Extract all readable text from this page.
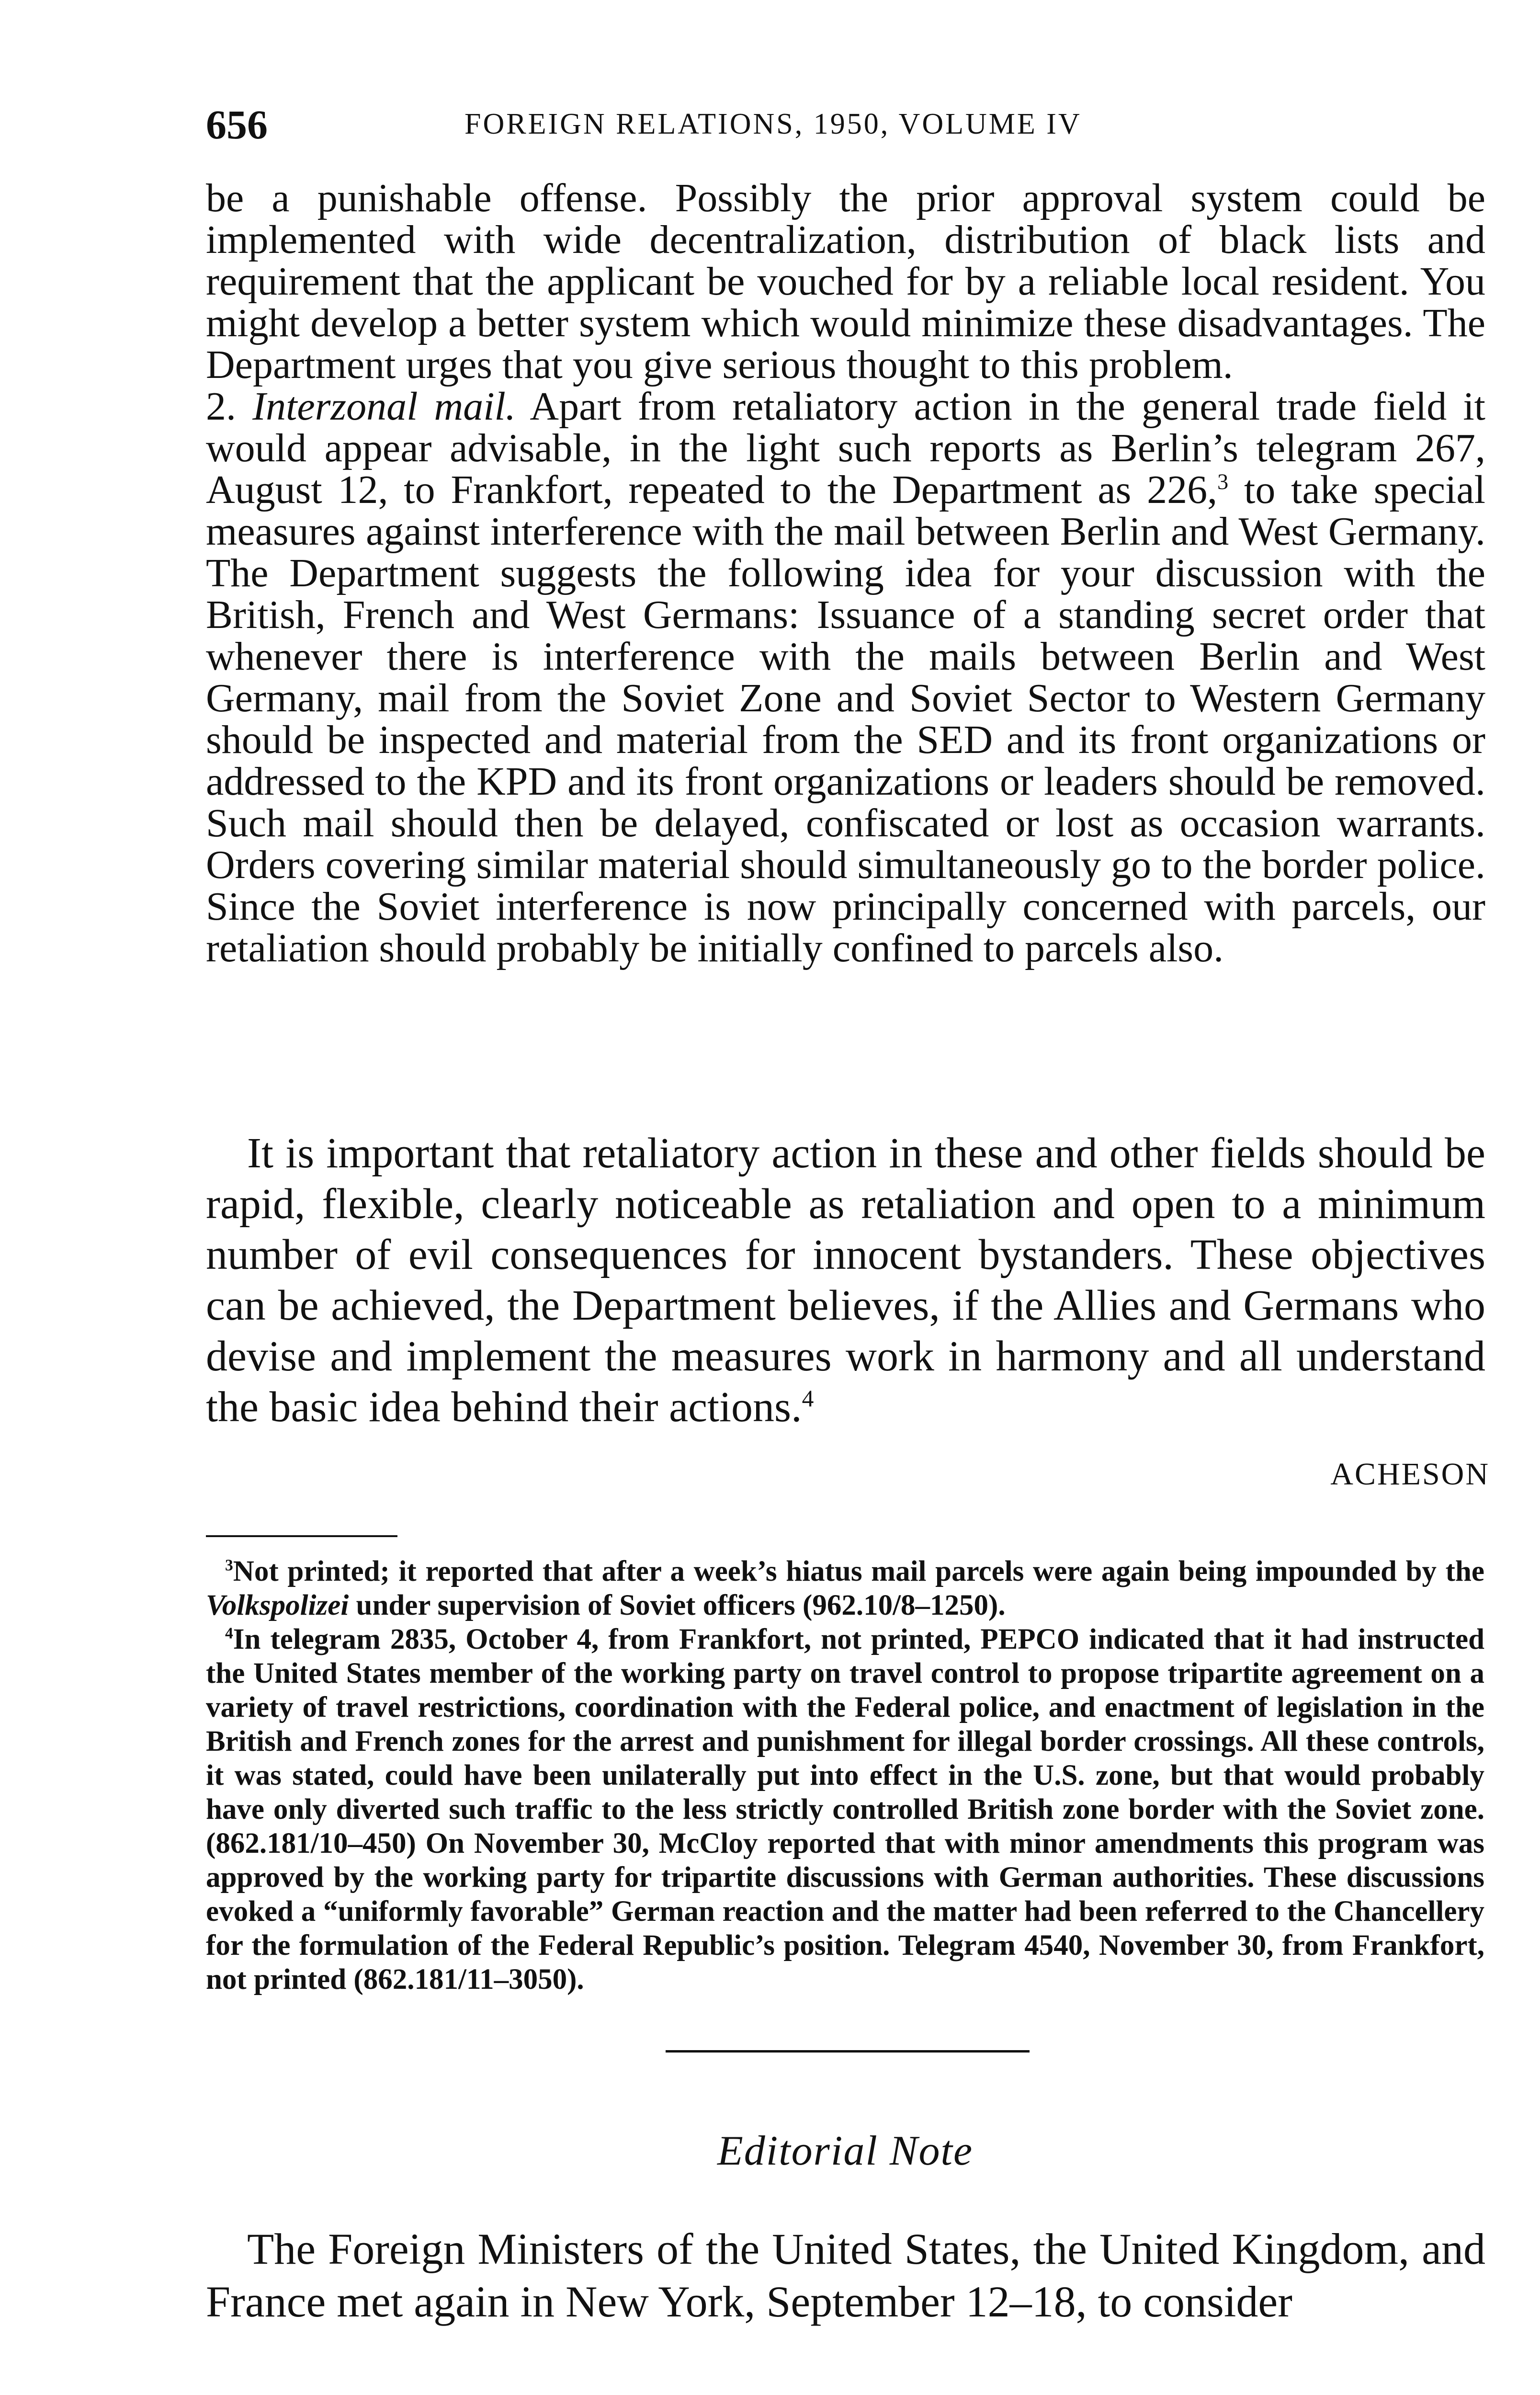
656	FOREIGN RELATIONS, 1950, VOLUME IV

be a punishable offense. Possibly the prior approval system could be implemented with wide decentralization, distribution of black lists and requirement that the applicant be vouched for by a reliable local resident. You might develop a better system which would minimize these disadvantages. The Department urges that you give serious thought to this problem.

2. Interzonal mail. Apart from retaliatory action in the general trade field it would appear advisable, in the light such reports as Berlin’s telegram 267, August 12, to Frankfort, repeated to the Department as 226,$^3$ to take special measures against interference with the mail between Berlin and West Germany. The Department suggests the following idea for your discussion with the British, French and West Germans: Issuance of a standing secret order that whenever there is interference with the mails between Berlin and West Germany, mail from the Soviet Zone and Soviet Sector to Western Germany should be inspected and material from the SED and its front organizations or addressed to the KPD and its front organizations or leaders should be removed. Such mail should then be delayed, confiscated or lost as occasion warrants. Orders covering similar material should simultaneously go to the border police. Since the Soviet interference is now principally concerned with parcels, our retaliation should probably be initially confined to parcels also.

It is important that retaliatory action in these and other fields should be rapid, flexible, clearly noticeable as retaliation and open to a minimum number of evil consequences for innocent bystanders. These objectives can be achieved, the Department believes, if the Allies and Germans who devise and implement the measures work in harmony and all understand the basic idea behind their actions.$^4$

ACHESON

$^3$Not printed; it reported that after a week’s hiatus mail parcels were again being impounded by the Volkspolizei under supervision of Soviet officers (962.10/8–1250).

$^4$In telegram 2835, October 4, from Frankfort, not printed, PEPCO indicated that it had instructed the United States member of the working party on travel control to propose tripartite agreement on a variety of travel restrictions, coordination with the Federal police, and enactment of legislation in the British and French zones for the arrest and punishment for illegal border crossings. All these controls, it was stated, could have been unilaterally put into effect in the U.S. zone, but that would probably have only diverted such traffic to the less strictly controlled British zone border with the Soviet zone. (862.181/10–450) On November 30, McCloy reported that with minor amendments this program was approved by the working party for tripartite discussions with German authorities. These discussions evoked a “uniformly favorable” German reaction and the matter had been referred to the Chancellery for the formulation of the Federal Republic’s position. Telegram 4540, November 30, from Frankfort, not printed (862.181/11–3050).

Editorial Note

The Foreign Ministers of the United States, the United Kingdom, and France met again in New York, September 12–18, to consider
